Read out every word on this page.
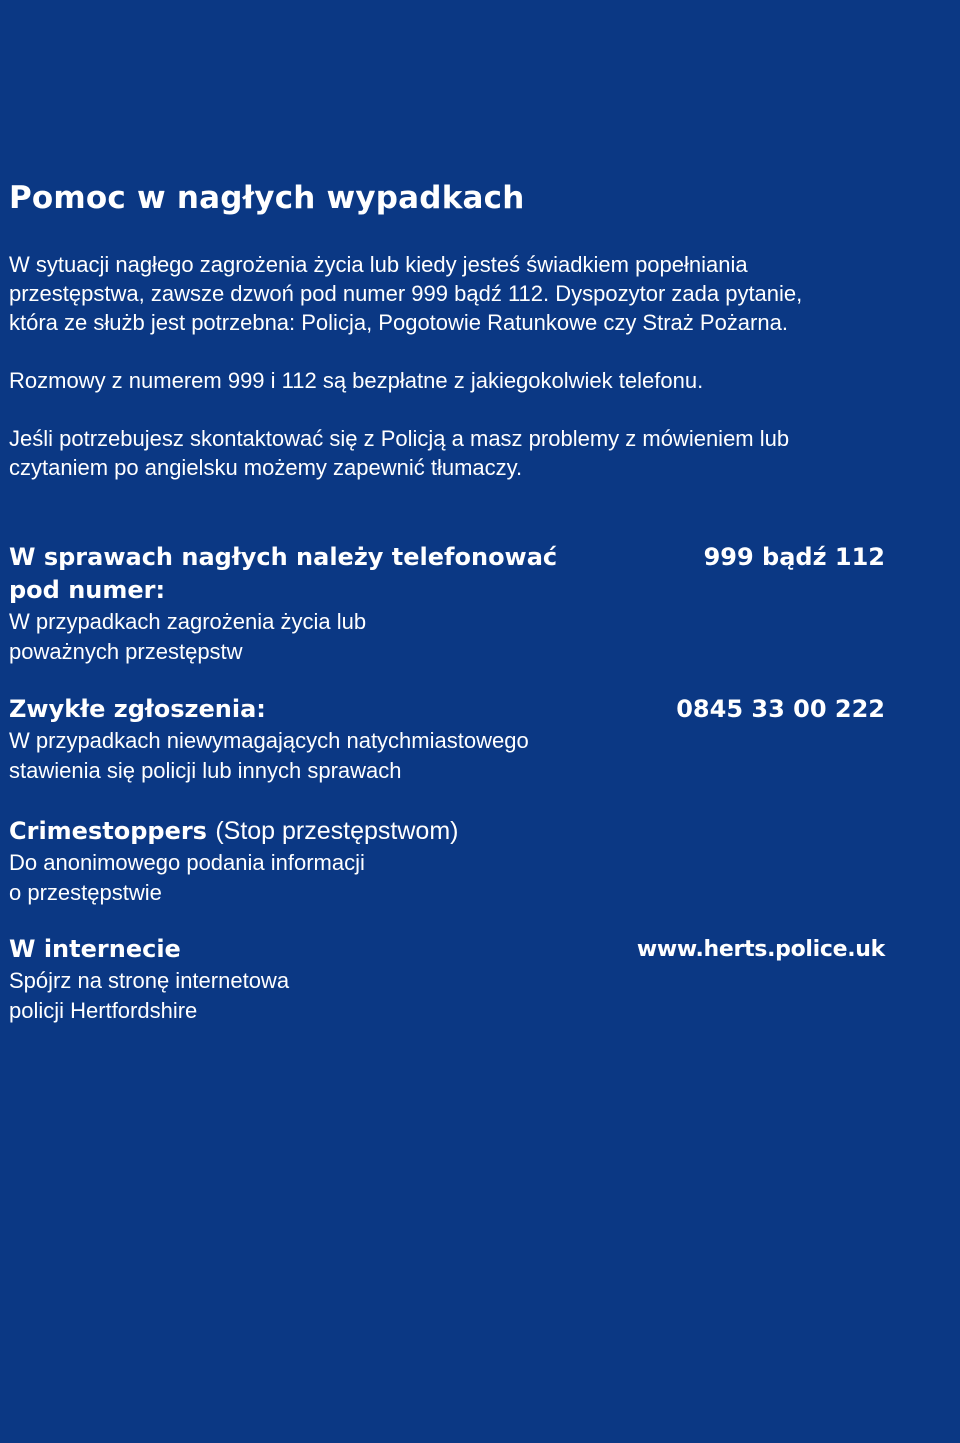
Pomoc w nagłych wypadkach

W sytuacji nagłego zagrożenia życia lub kiedy jesteś świadkiem popełniania
przestępstwa, zawsze dzwoń pod numer 999 bądź 112. Dyspozytor zada pytanie,
która ze służb jest potrzebna: Policja, Pogotowie Ratunkowe czy Straż Pożarna.

Rozmowy z numerem 999 i 112 są bezpłatne z jakiegokolwiek telefonu.

Jeśli potrzebujesz skontaktować się z Policją a masz problemy z mówieniem lub
czytaniem po angielsku możemy zapewnić tłumaczy.

W sprawach nagłych należy telefonować
pod numer:
W przypadkach zagrożenia życia lub
poważnych przestępstw
999 bądź 112
Zwykłe zgłoszenia:
W przypadkach niewymagających natychmiastowego
stawienia się policji lub innych sprawach
0845 33 00 222
Crimestoppers (Stop przestępstwom)
Do anonimowego podania informacji
o przestępstwie
W internecie
Spójrz na stronę internetowa
policji Hertfordshire
www.herts.police.uk
